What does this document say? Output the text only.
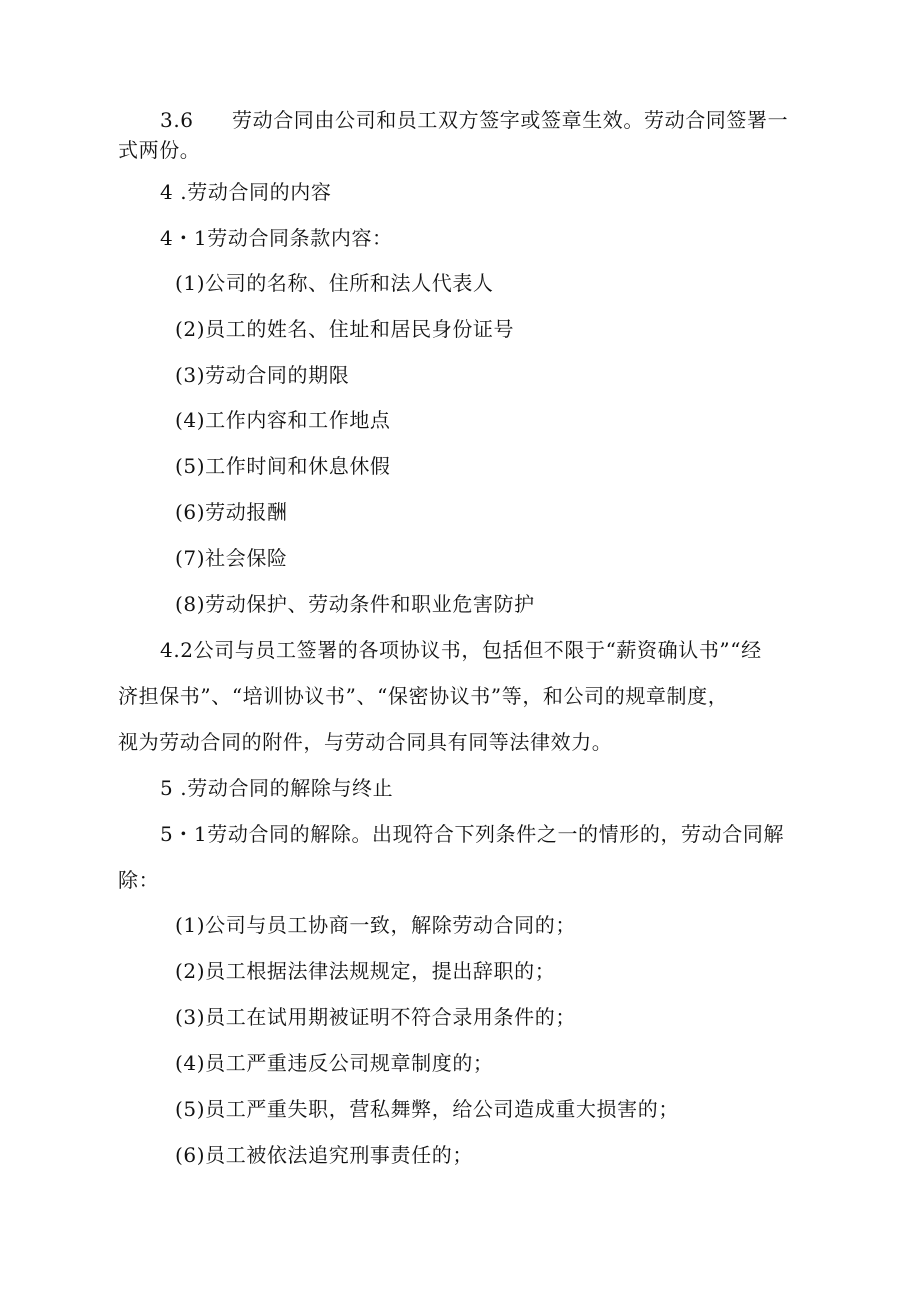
3.6 劳动合同由公司和员工双方签字或签章生效。劳动合同签署一
式两份。
4 .劳动合同的内容
4・1劳动合同条款内容：
(1)公司的名称、住所和法人代表人
(2)员工的姓名、住址和居民身份证号
(3)劳动合同的期限
(4)工作内容和工作地点
(5)工作时间和休息休假
(6)劳动报酬
(7)社会保险
(8)劳动保护、劳动条件和职业危害防护
4.2公司与员工签署的各项协议书，包括但不限于“薪资确认书”“经
济担保书”、“培训协议书”、“保密协议书”等，和公司的规章制度，
视为劳动合同的附件，与劳动合同具有同等法律效力。
5 .劳动合同的解除与终止
5・1劳动合同的解除。出现符合下列条件之一的情形的，劳动合同解
除：
(1)公司与员工协商一致，解除劳动合同的；
(2)员工根据法律法规规定，提出辞职的；
(3)员工在试用期被证明不符合录用条件的；
(4)员工严重违反公司规章制度的；
(5)员工严重失职，营私舞弊，给公司造成重大损害的；
(6)员工被依法追究刑事责任的；
